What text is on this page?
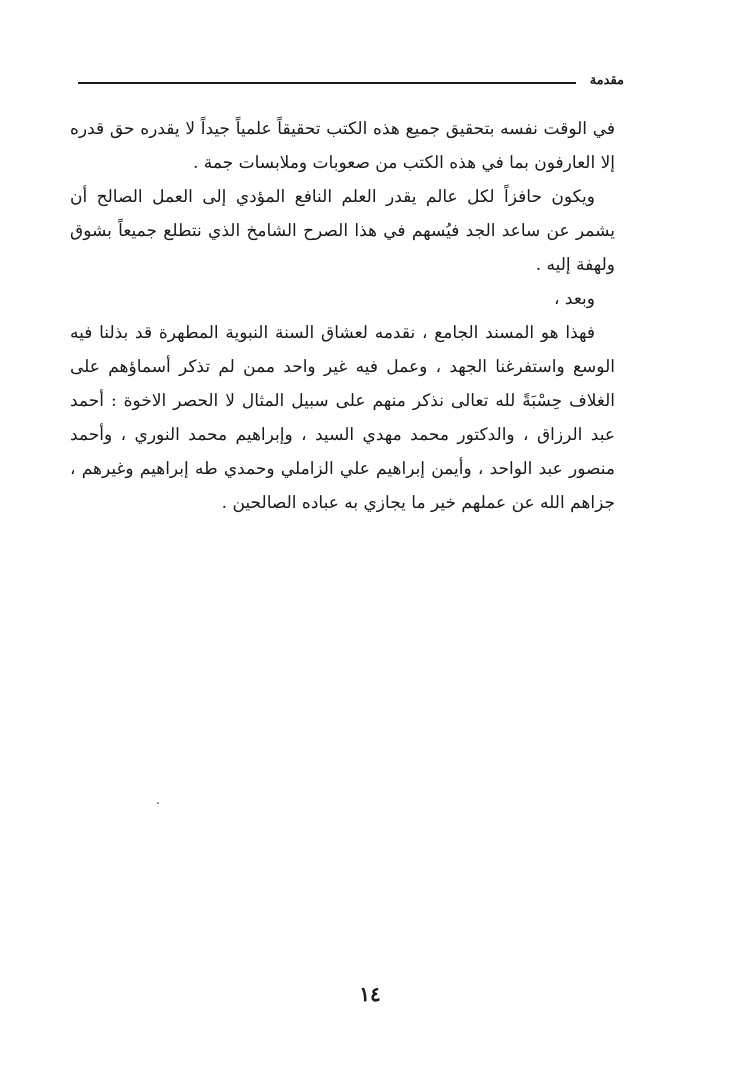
مقدمة

في الوقت نفسه بتحقيق جميع هذه الكتب تحقيقاً علمياً جيداً لا يقدره حق قدره إلا العارفون بما في هذه الكتب من صعوبات وملابسات جمة .

ويكون حافزاً لكل عالم يقدر العلم النافع المؤدي إلى العمل الصالح أن يشمر عن ساعد الجد فيُسهم في هذا الصرح الشامخ الذي نتطلع جميعاً بشوق ولهفة إليه .

وبعد ،

فهذا هو المسند الجامع ، نقدمه لعشاق السنة النبوية المطهرة قد بذلنا فيه الوسع واستفرغنا الجهد ، وعمل فيه غير واحد ممن لم تذكر أسماؤهم على الغلاف حِسْبَةً لله تعالى نذكر منهم على سبيل المثال لا الحصر الاخوة : أحمد عبد الرزاق ، والدكتور محمد مهدي السيد ، وإبراهيم محمد النوري ، وأحمد منصور عبد الواحد ، وأيمن إبراهيم علي الزاملي وحمدي طه إبراهيم وغيرهم ، جزاهم الله عن عملهم خير ما يجازي به عباده الصالحين .

١٤
